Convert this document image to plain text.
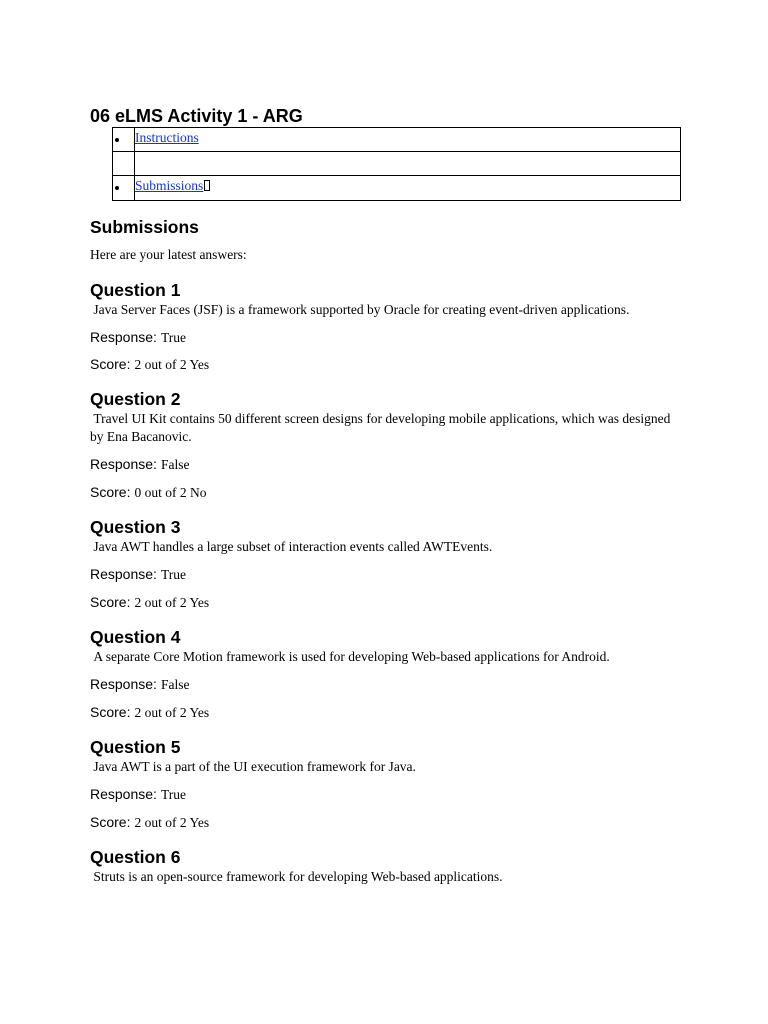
06 eLMS Activity 1 - ARG
Instructions
Submissions
Submissions

Here are your latest answers:

Question 1

Java Server Faces (JSF) is a framework supported by Oracle for creating event-driven applications.

Response: True

Score: 2 out of 2 Yes

Question 2

Travel UI Kit contains 50 different screen designs for developing mobile applications, which was designed by Ena Bacanovic.

Response: False

Score: 0 out of 2 No

Question 3

Java AWT handles a large subset of interaction events called AWTEvents.

Response: True

Score: 2 out of 2 Yes

Question 4

A separate Core Motion framework is used for developing Web-based applications for Android.

Response: False

Score: 2 out of 2 Yes

Question 5

Java AWT is a part of the UI execution framework for Java.

Response: True

Score: 2 out of 2 Yes

Question 6

Struts is an open-source framework for developing Web-based applications.
